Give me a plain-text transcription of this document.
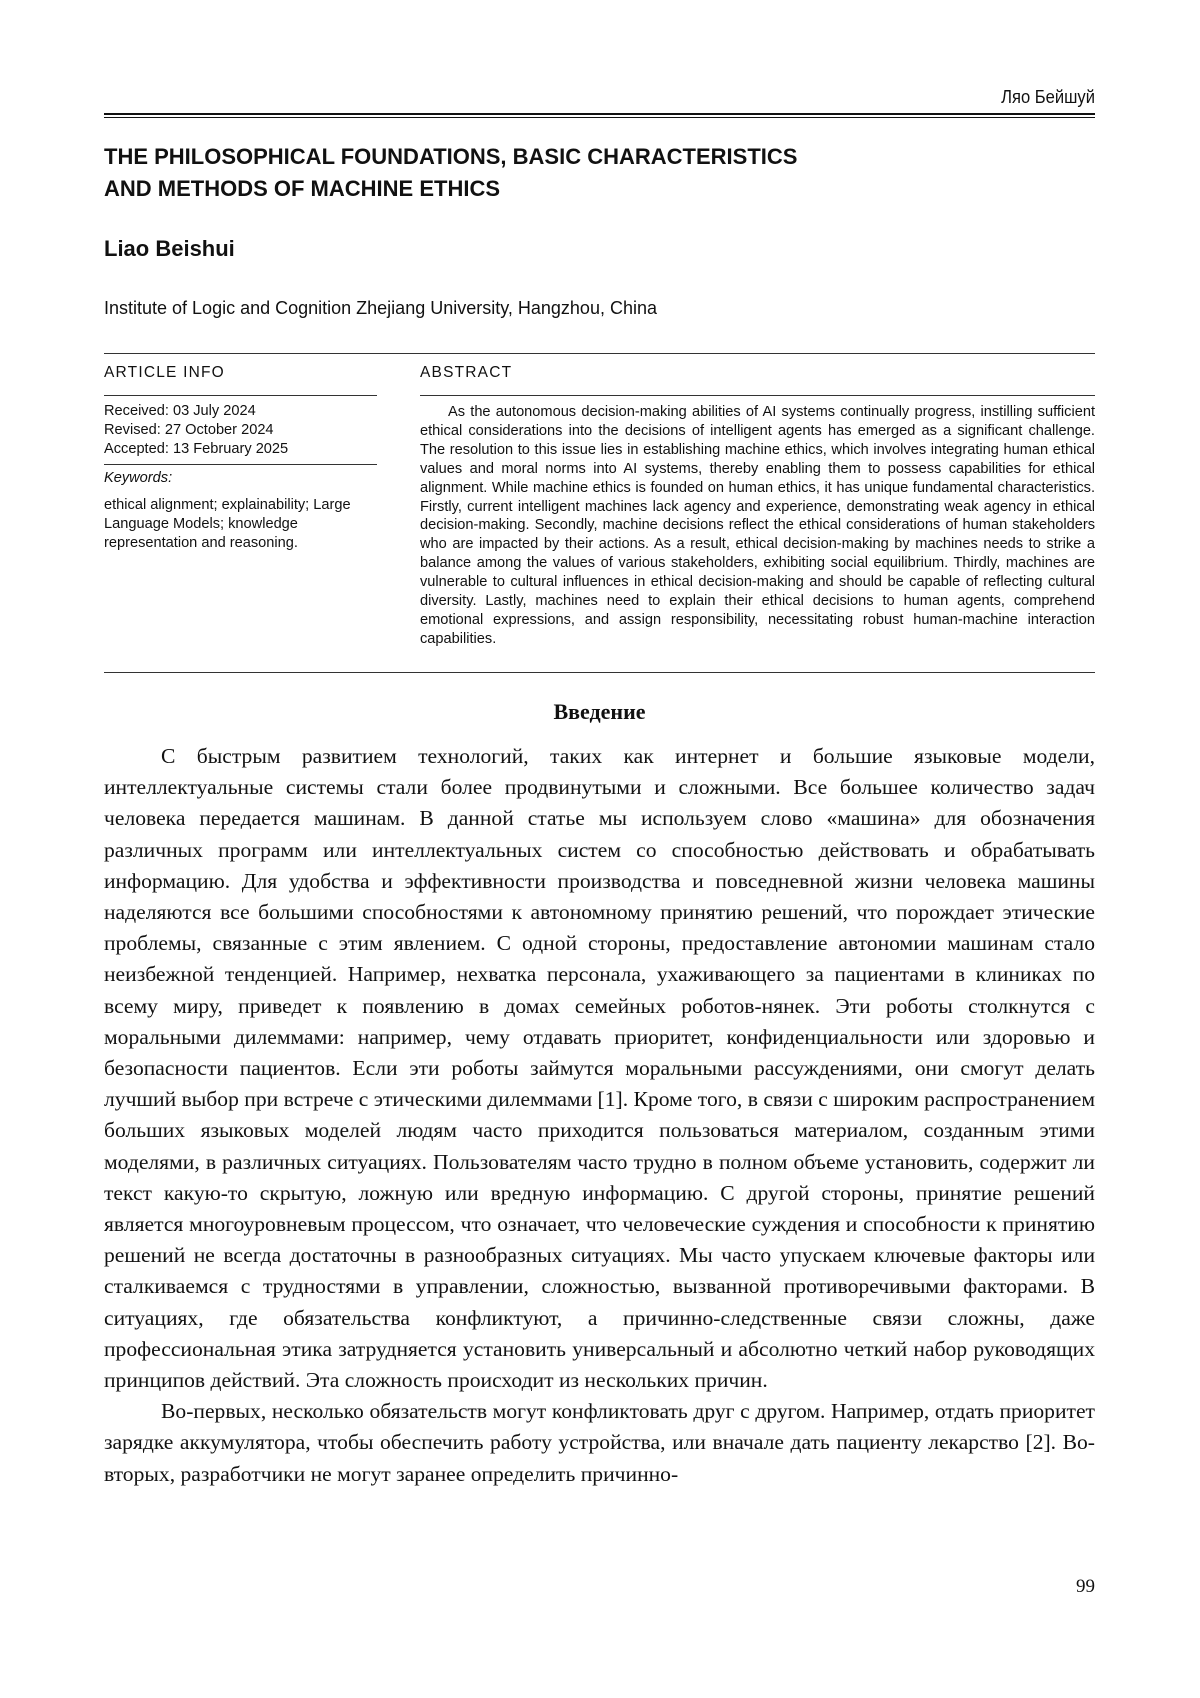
Ляо Бейшуй
THE PHILOSOPHICAL FOUNDATIONS, BASIC CHARACTERISTICS
AND METHODS OF MACHINE ETHICS
Liao Beishui

Institute of Logic and Cognition Zhejiang University, Hangzhou, China

ARTICLE INFO	ABSTRACT
Received: 03 July 2024
Revised: 27 October 2024
Accepted: 13 February 2025
Keywords:
ethical alignment; explainability; Large Language Models; knowledge representation and reasoning.

As the autonomous decision-making abilities of AI systems continually progress, instilling sufficient ethical considerations into the decisions of intelligent agents has emerged as a significant challenge. The resolution to this issue lies in establishing machine ethics, which involves integrating human ethical values and moral norms into AI systems, thereby enabling them to possess capabilities for ethical alignment. While machine ethics is founded on human ethics, it has unique fundamental characteristics. Firstly, current intelligent machines lack agency and experience, demonstrating weak agency in ethical decision-making. Secondly, machine decisions reflect the ethical considerations of human stakeholders who are impacted by their actions. As a result, ethical decision-making by machines needs to strike a balance among the values of various stakeholders, exhibiting social equilibrium. Thirdly, machines are vulnerable to cultural influences in ethical decision-making and should be capable of reflecting cultural diversity. Lastly, machines need to explain their ethical decisions to human agents, comprehend emotional expressions, and assign responsibility, necessitating robust human-machine interaction capabilities.

Введение

С быстрым развитием технологий, таких как интернет и большие языковые модели, интеллектуальные системы стали более продвинутыми и сложными. Все большее количество задач человека передается машинам. В данной статье мы используем слово «машина» для обозначения различных программ или интеллектуальных систем со способностью действовать и обрабатывать информацию. Для удобства и эффективности производства и повседневной жизни человека машины наделяются все большими способностями к автономному принятию решений, что порождает этические проблемы, связанные с этим явлением. С одной стороны, предоставление автономии машинам стало неизбежной тенденцией. Например, нехватка персонала, ухаживающего за пациентами в клиниках по всему миру, приведет к появлению в домах семейных роботов-нянек. Эти роботы столкнутся с моральными дилеммами: например, чему отдавать приоритет, конфиденциальности или здоровью и безопасности пациентов. Если эти роботы займутся моральными рассуждениями, они смогут делать лучший выбор при встрече с этическими дилеммами [1]. Кроме того, в связи с широким распространением больших языковых моделей людям часто приходится пользоваться материалом, созданным этими моделями, в различных ситуациях. Пользователям часто трудно в полном объеме установить, содержит ли текст какую-то скрытую, ложную или вредную информацию. С другой стороны, принятие решений является многоуровневым процессом, что означает, что человеческие суждения и способности к принятию решений не всегда достаточны в разнообразных ситуациях. Мы часто упускаем ключевые факторы или сталкиваемся с трудностями в управлении, сложностью, вызванной противоречивыми факторами. В ситуациях, где обязательства конфликтуют, а причинно-следственные связи сложны, даже профессиональная этика затрудняется установить универсальный и абсолютно четкий набор руководящих принципов действий. Эта сложность происходит из нескольких причин.

Во-первых, несколько обязательств могут конфликтовать друг с другом. Например, отдать приоритет зарядке аккумулятора, чтобы обеспечить работу устройства, или вначале дать пациенту лекарство [2]. Во-вторых, разработчики не могут заранее определить причинно-

99
